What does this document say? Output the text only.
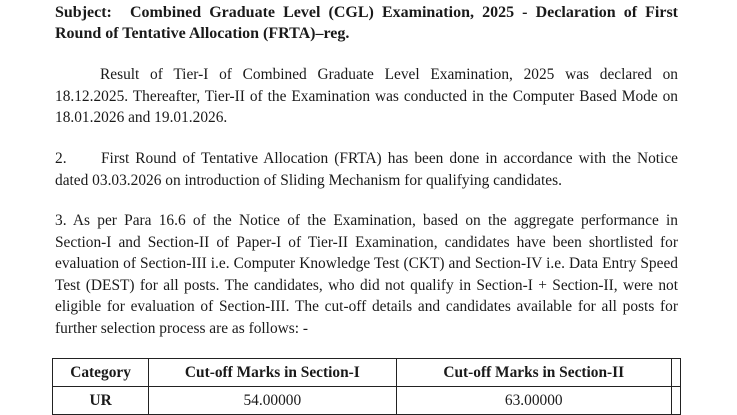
Subject: Combined Graduate Level (CGL) Examination, 2025 - Declaration of First Round of Tentative Allocation (FRTA)–reg.
Result of Tier-I of Combined Graduate Level Examination, 2025 was declared on 18.12.2025. Thereafter, Tier-II of the Examination was conducted in the Computer Based Mode on 18.01.2026 and 19.01.2026.
2. First Round of Tentative Allocation (FRTA) has been done in accordance with the Notice dated 03.03.2026 on introduction of Sliding Mechanism for qualifying candidates.
3. As per Para 16.6 of the Notice of the Examination, based on the aggregate performance in Section-I and Section-II of Paper-I of Tier-II Examination, candidates have been shortlisted for evaluation of Section-III i.e. Computer Knowledge Test (CKT) and Section-IV i.e. Data Entry Speed Test (DEST) for all posts. The candidates, who did not qualify in Section-I + Section-II, were not eligible for evaluation of Section-III. The cut-off details and candidates available for all posts for further selection process are as follows: -
Category	Cut-off Marks in Section-I	Cut-off Marks in Section-II	
UR	54.00000	63.00000	
